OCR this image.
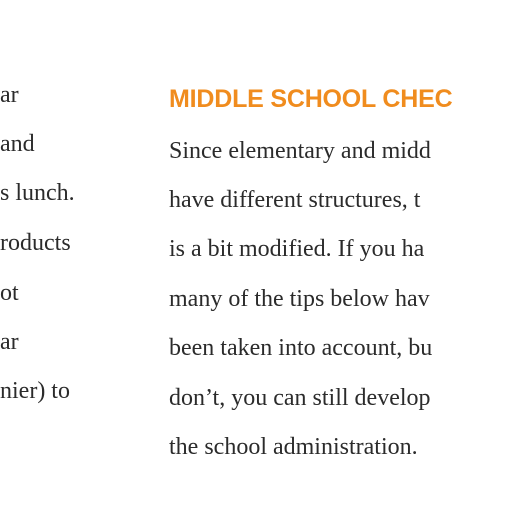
ar
and
s lunch.
roducts
ot
ar
nier) to
MIDDLE SCHOOL CHEC
Since elementary and midd
have different structures, t
is a bit modified. If you ha
many of the tips below hav
been taken into account, bu
don’t, you can still develop
the school administration.
